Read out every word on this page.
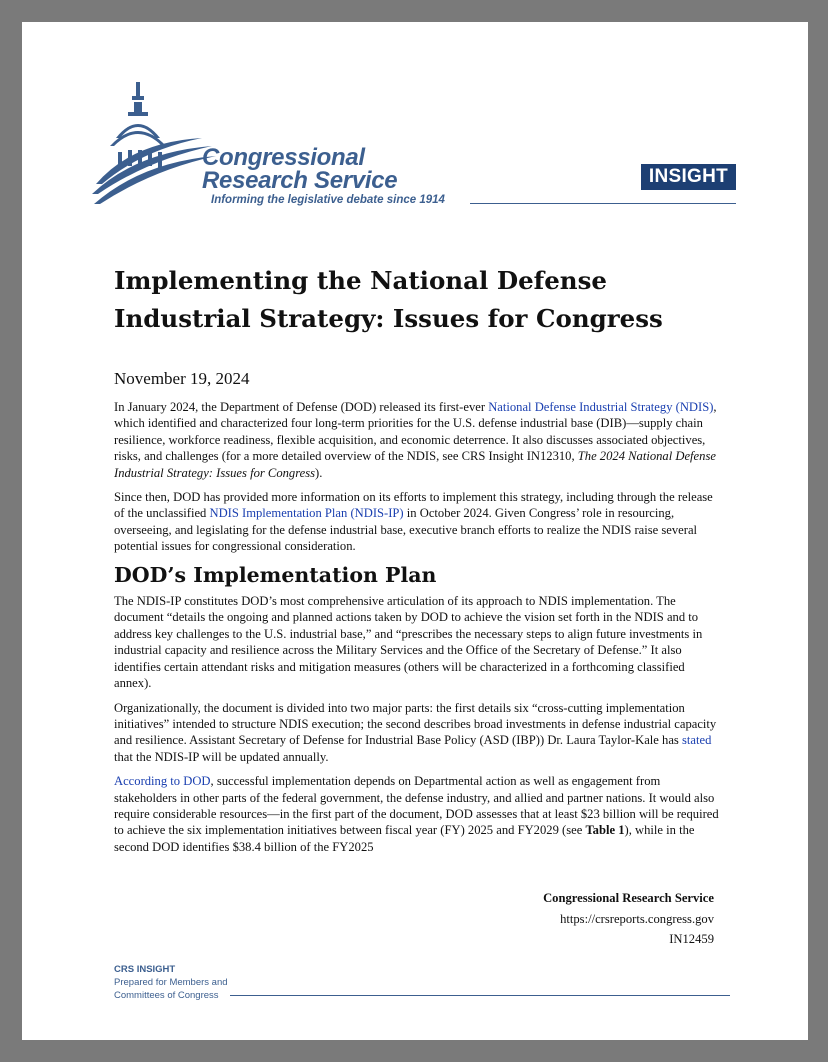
Congressional
Research Service
Informing the legislative debate since 1914
INSIGHT
Implementing the National Defense
Industrial Strategy: Issues for Congress
November 19, 2024

In January 2024, the Department of Defense (DOD) released its first-ever National Defense Industrial Strategy (NDIS), which identified and characterized four long-term priorities for the U.S. defense industrial base (DIB)—supply chain resilience, workforce readiness, flexible acquisition, and economic deterrence. It also discusses associated objectives, risks, and challenges (for a more detailed overview of the NDIS, see CRS Insight IN12310, The 2024 National Defense Industrial Strategy: Issues for Congress).

Since then, DOD has provided more information on its efforts to implement this strategy, including through the release of the unclassified NDIS Implementation Plan (NDIS-IP) in October 2024. Given Congress’ role in resourcing, overseeing, and legislating for the defense industrial base, executive branch efforts to realize the NDIS raise several potential issues for congressional consideration.

DOD’s Implementation Plan

The NDIS-IP constitutes DOD’s most comprehensive articulation of its approach to NDIS implementation. The document “details the ongoing and planned actions taken by DOD to achieve the vision set forth in the NDIS and to address key challenges to the U.S. industrial base,” and “prescribes the necessary steps to align future investments in industrial capacity and resilience across the Military Services and the Office of the Secretary of Defense.” It also identifies certain attendant risks and mitigation measures (others will be characterized in a forthcoming classified annex).

Organizationally, the document is divided into two major parts: the first details six “cross-cutting implementation initiatives” intended to structure NDIS execution; the second describes broad investments in defense industrial capacity and resilience. Assistant Secretary of Defense for Industrial Base Policy (ASD (IBP)) Dr. Laura Taylor-Kale has stated that the NDIS-IP will be updated annually.

According to DOD, successful implementation depends on Departmental action as well as engagement from stakeholders in other parts of the federal government, the defense industry, and allied and partner nations. It would also require considerable resources—in the first part of the document, DOD assesses that at least $23 billion will be required to achieve the six implementation initiatives between fiscal year (FY) 2025 and FY2029 (see Table 1), while in the second DOD identifies $38.4 billion of the FY2025

Congressional Research Service
https://crsreports.congress.gov
IN12459
CRS INSIGHT
Prepared for Members and
Committees of Congress
